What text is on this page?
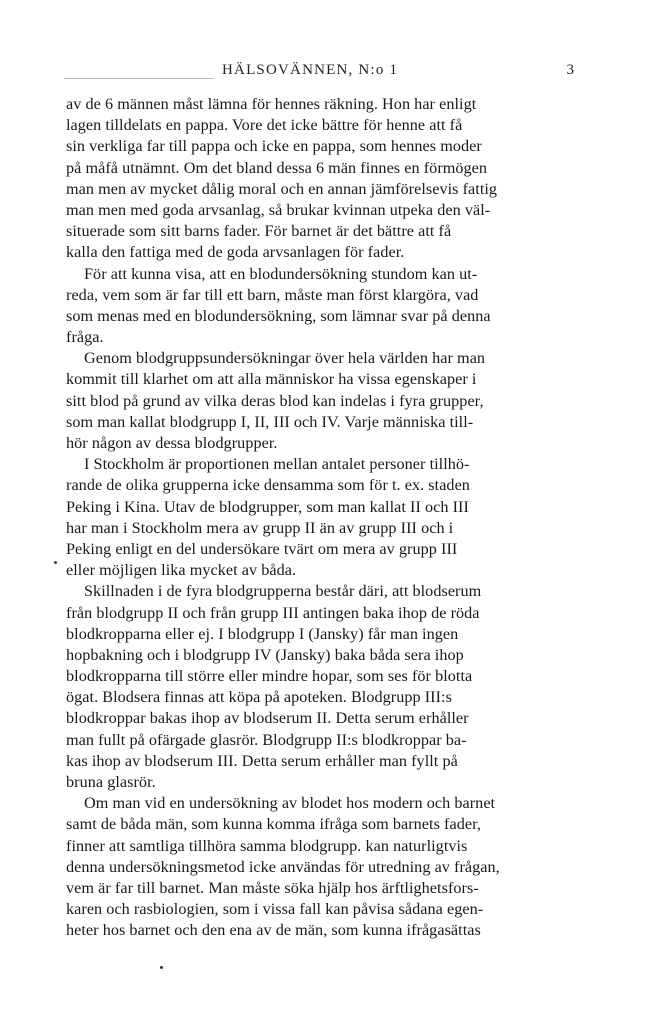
HÄLSOVÄNNEN, N:o 1	3
av de 6 männen måst lämna för hennes räkning. Hon har enligt
lagen tilldelats en pappa. Vore det icke bättre för henne att få
sin verkliga far till pappa och icke en pappa, som hennes moder
på måfå utnämnt. Om det bland dessa 6 män finnes en förmögen
man men av mycket dålig moral och en annan jämförelsevis fattig
man men med goda arvsanlag, så brukar kvinnan utpeka den väl-
situerade som sitt barns fader. För barnet är det bättre att få
kalla den fattiga med de goda arvsanlagen för fader.
För att kunna visa, att en blodundersökning stundom kan ut-
reda, vem som är far till ett barn, måste man först klargöra, vad
som menas med en blodundersökning, som lämnar svar på denna
fråga.
Genom blodgruppsundersökningar över hela världen har man
kommit till klarhet om att alla människor ha vissa egenskaper i
sitt blod på grund av vilka deras blod kan indelas i fyra grupper,
som man kallat blodgrupp I, II, III och IV. Varje människa till-
hör någon av dessa blodgrupper.
I Stockholm är proportionen mellan antalet personer tillhö-
rande de olika grupperna icke densamma som för t. ex. staden
Peking i Kina. Utav de blodgrupper, som man kallat II och III
har man i Stockholm mera av grupp II än av grupp III och i
Peking enligt en del undersökare tvärt om mera av grupp III
eller möjligen lika mycket av båda.
Skillnaden i de fyra blodgrupperna består däri, att blodserum
från blodgrupp II och från grupp III antingen baka ihop de röda
blodkropparna eller ej. I blodgrupp I (Jansky) får man ingen
hopbakning och i blodgrupp IV (Jansky) baka båda sera ihop
blodkropparna till större eller mindre hopar, som ses för blotta
ögat. Blodsera finnas att köpa på apoteken. Blodgrupp III:s
blodkroppar bakas ihop av blodserum II. Detta serum erhåller
man fullt på ofärgade glasrör. Blodgrupp II:s blodkroppar ba-
kas ihop av blodserum III. Detta serum erhåller man fyllt på
bruna glasrör.
Om man vid en undersökning av blodet hos modern och barnet
samt de båda män, som kunna komma ifråga som barnets fader,
finner att samtliga tillhöra samma blodgrupp. kan naturligtvis
denna undersökningsmetod icke användas för utredning av frågan,
vem är far till barnet. Man måste söka hjälp hos ärftlighetsfors-
karen och rasbiologien, som i vissa fall kan påvisa sådana egen-
heter hos barnet och den ena av de män, som kunna ifrågasättas
